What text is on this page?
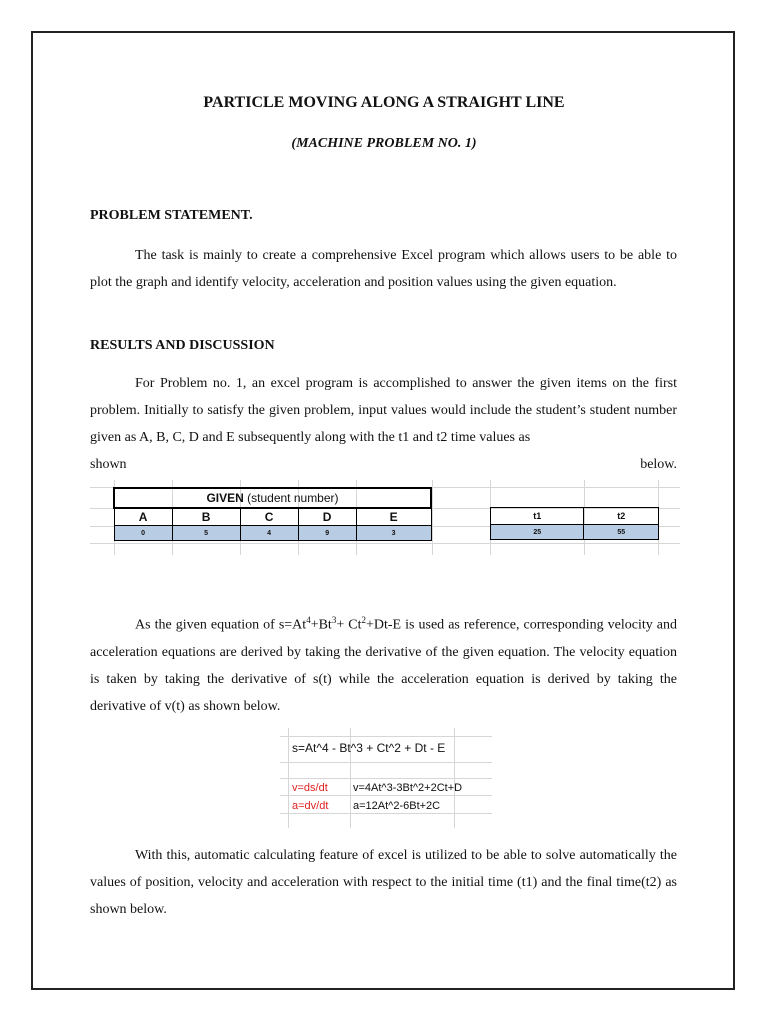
PARTICLE MOVING ALONG A STRAIGHT LINE
(MACHINE PROBLEM NO. 1)
PROBLEM STATEMENT.
The task is mainly to create a comprehensive Excel program which allows users to be able to plot the graph and identify velocity, acceleration and position values using the given equation.
RESULTS AND DISCUSSION
For Problem no. 1, an excel program is accomplished to answer the given items on the first problem. Initially to satisfy the given problem, input values would include the student’s student number given as A, B, C, D and E subsequently along with the t1 and t2 time values as
shown	below.
GIVEN (student number)				
A	B	C	D	E
0	5	4	9	3
t1	t2
25	55
As the given equation of $s=At^4+Bt^3+ Ct^2+Dt-E$ is used as reference, corresponding velocity and acceleration equations are derived by taking the derivative of the given equation. The velocity equation is taken by taking the derivative of s(t) while the acceleration equation is derived by taking the derivative of v(t) as shown below.
s=At^4 - Bt^3 + Ct^2 + Dt - E
v=ds/dt v=4At^3-3Bt^2+2Ct+D
a=dv/dt a=12At^2-6Bt+2C
With this, automatic calculating feature of excel is utilized to be able to solve automatically the values of position, velocity and acceleration with respect to the initial time (t1) and the final time(t2) as shown below.
